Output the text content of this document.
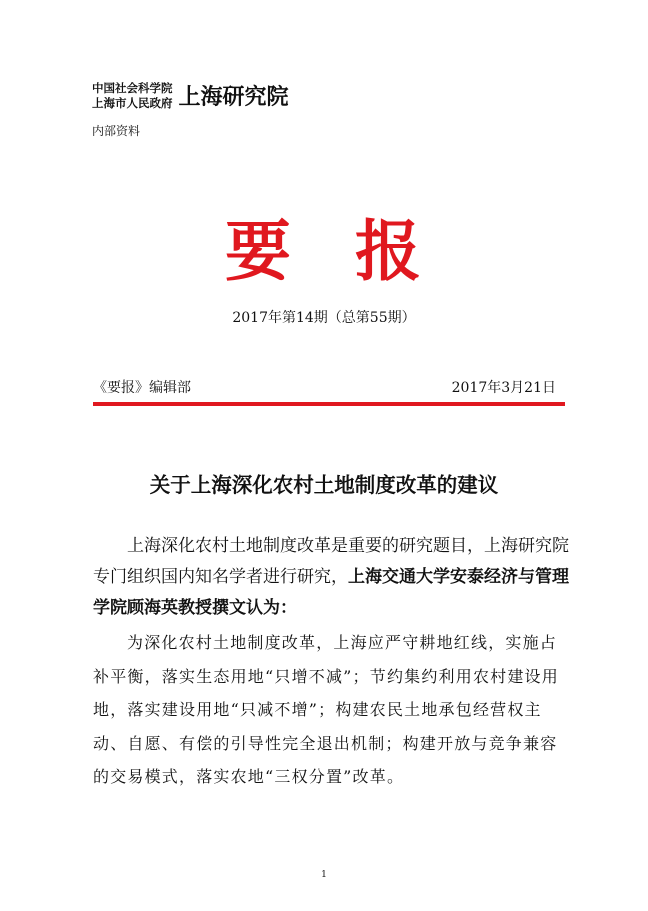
中国社会科学院
上海市人民政府 上海研究院
内部资料
要 报
2017年第14期（总第55期）
《要报》编辑部	2017年3月21日
关于上海深化农村土地制度改革的建议
上海深化农村土地制度改革是重要的研究题目，上海研究院专门组织国内知名学者进行研究，上海交通大学安泰经济与管理学院顾海英教授撰文认为：
为深化农村土地制度改革，上海应严守耕地红线，实施占补平衡，落实生态用地“只增不减”；节约集约利用农村建设用地，落实建设用地“只减不增”；构建农民土地承包经营权主动、自愿、有偿的引导性完全退出机制；构建开放与竞争兼容的交易模式，落实农地“三权分置”改革。
1
